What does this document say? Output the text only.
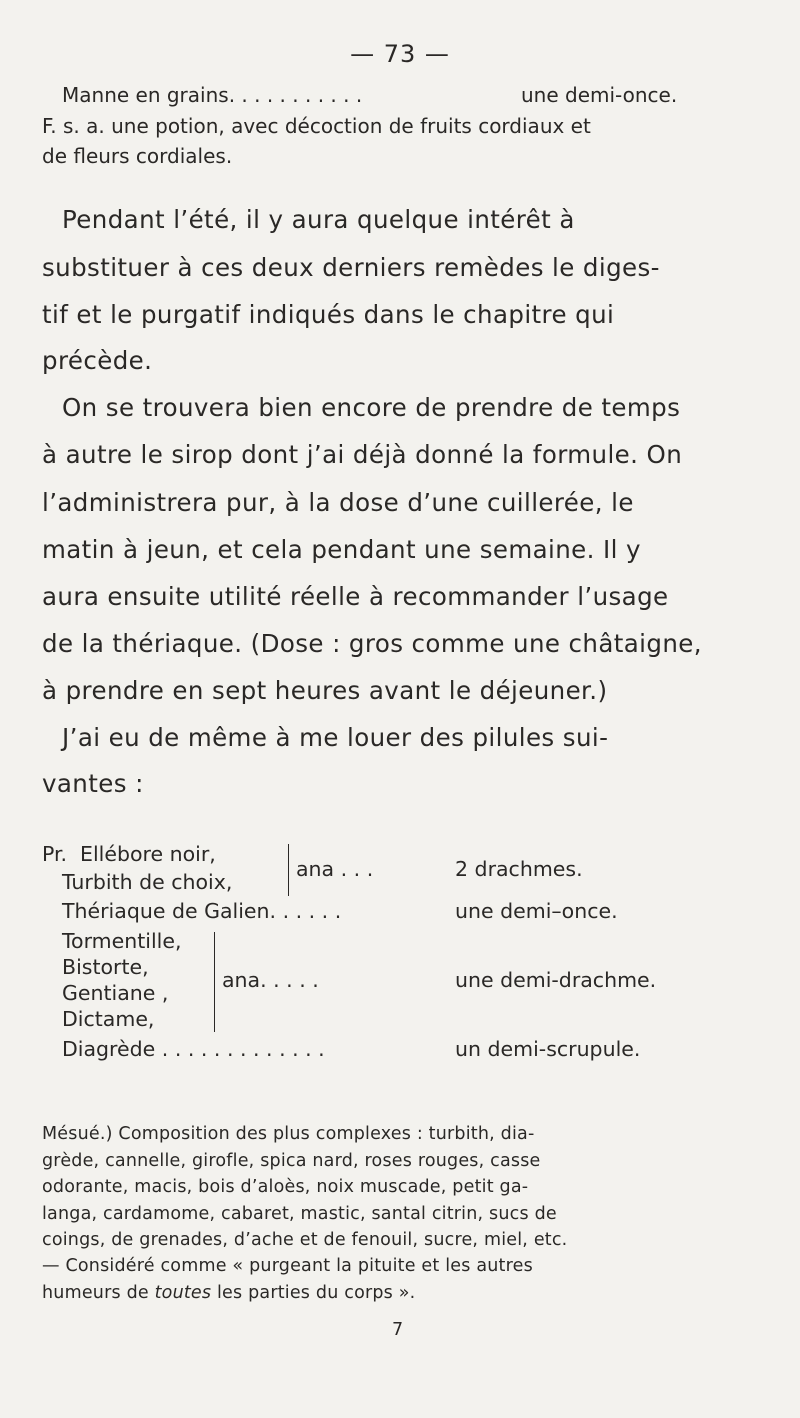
— 73 —
Manne en grains. . . . . . . . . . .	une demi-once.
F. s. a. une potion, avec décoction de fruits cordiaux et
de fleurs cordiales.
Pendant l’été, il y aura quelque intérêt à
substituer à ces deux derniers remèdes le diges-
tif et le purgatif indiqués dans le chapitre qui
précède.
On se trouvera bien encore de prendre de temps
à autre le sirop dont j’ai déjà donné la formule. On
l’administrera pur, à la dose d’une cuillerée, le
matin à jeun, et cela pendant une semaine. Il y
aura ensuite utilité réelle à recommander l’usage
de la thériaque. (Dose : gros comme une châtaigne,
à prendre en sept heures avant le déjeuner.)
J’ai eu de même à me louer des pilules sui-
vantes :
Pr. Ellébore noir,
Turbith de choix,
ana . . .	2 drachmes.
Thériaque de Galien. . . . . .	une demi–once.
Tormentille,
Bistorte,
Gentiane ,
Dictame,
ana. . . . .	une demi-drachme.
Diagrède . . . . . . . . . . . . .	un demi-scrupule.
Mésué.) Composition des plus complexes : turbith, dia-
grède, cannelle, girofle, spica nard, roses rouges, casse
odorante, macis, bois d’aloès, noix muscade, petit ga-
langa, cardamome, cabaret, mastic, santal citrin, sucs de
coings, de grenades, d’ache et de fenouil, sucre, miel, etc.
— Considéré comme « purgeant la pituite et les autres
humeurs de toutes les parties du corps ».
7
